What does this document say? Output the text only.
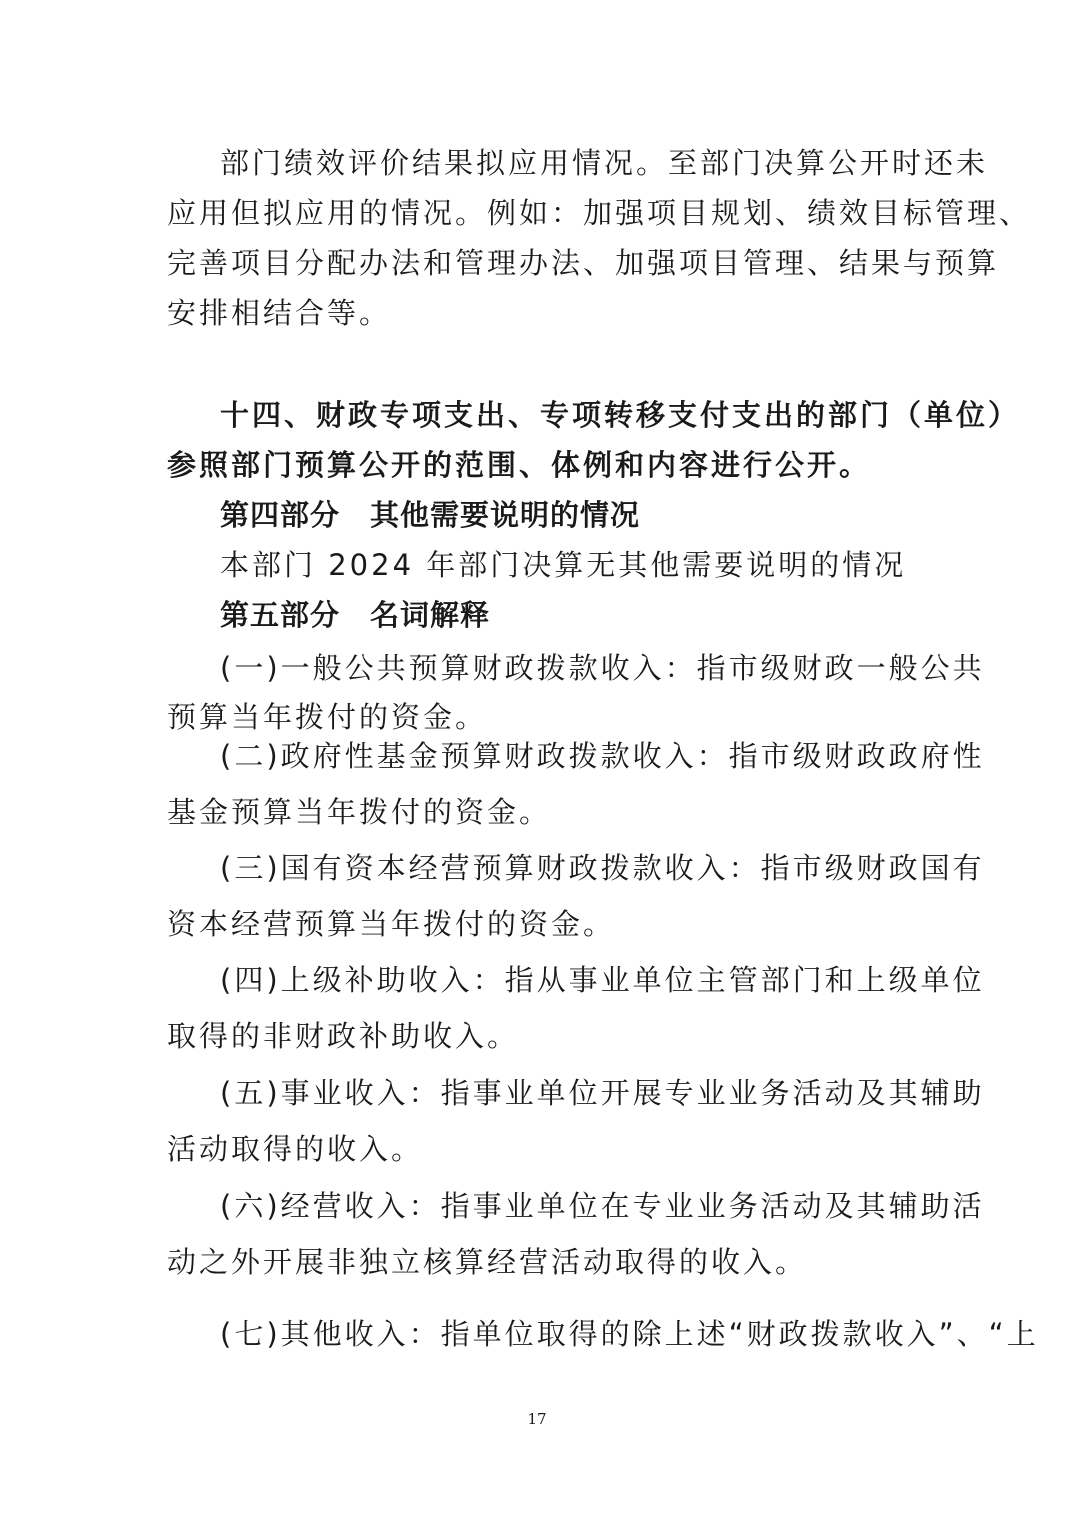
部门绩效评价结果拟应用情况。至部门决算公开时还未
应用但拟应用的情况。例如：加强项目规划、绩效目标管理、
完善项目分配办法和管理办法、加强项目管理、结果与预算
安排相结合等。
十四、财政专项支出、专项转移支付支出的部门（单位）
参照部门预算公开的范围、体例和内容进行公开。
第四部分　其他需要说明的情况
本部门 2024 年部门决算无其他需要说明的情况
第五部分　名词解释
(一)一般公共预算财政拨款收入：指市级财政一般公共
预算当年拨付的资金。
(二)政府性基金预算财政拨款收入：指市级财政政府性
基金预算当年拨付的资金。
(三)国有资本经营预算财政拨款收入：指市级财政国有
资本经营预算当年拨付的资金。
(四)上级补助收入：指从事业单位主管部门和上级单位
取得的非财政补助收入。
(五)事业收入：指事业单位开展专业业务活动及其辅助
活动取得的收入。
(六)经营收入：指事业单位在专业业务活动及其辅助活
动之外开展非独立核算经营活动取得的收入。
(七)其他收入：指单位取得的除上述“财政拨款收入”、“上
17
